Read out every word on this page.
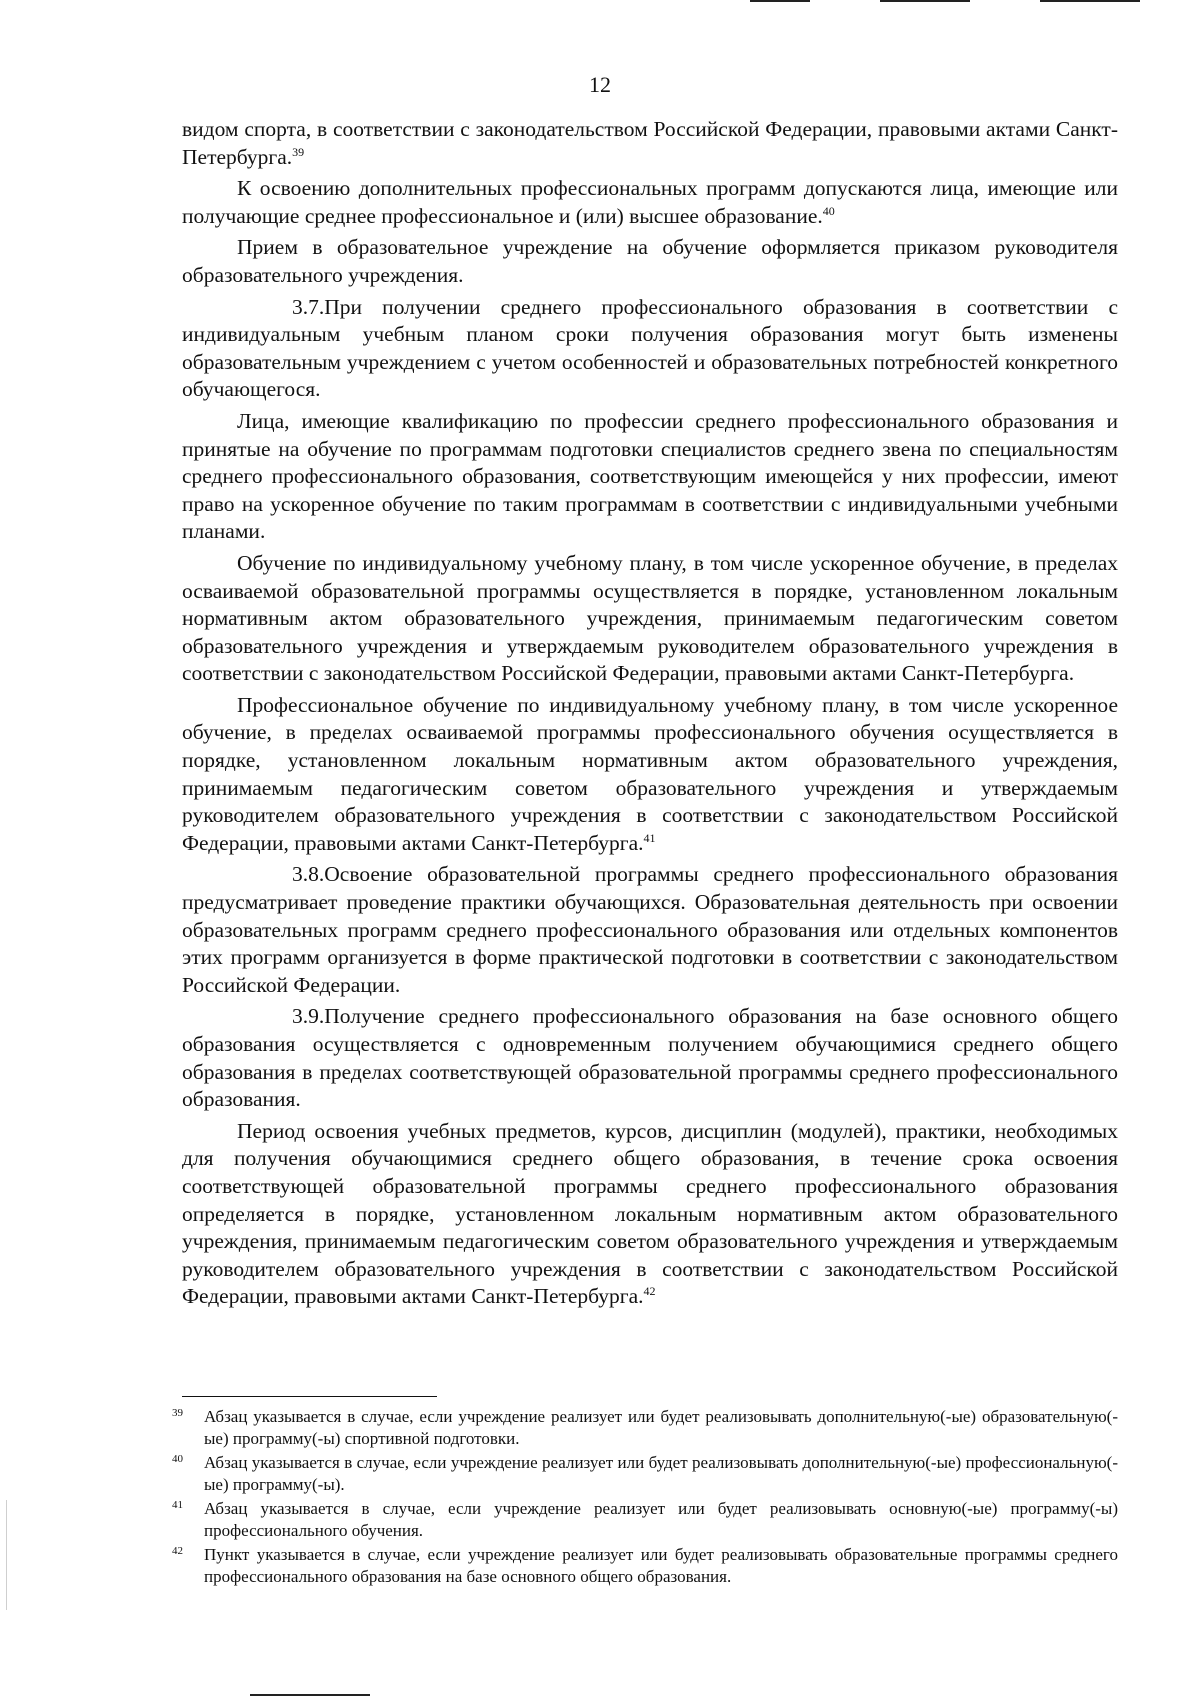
12

видом спорта, в соответствии с законодательством Российской Федерации, правовыми актами Санкт-Петербурга.$^{39}$

К освоению дополнительных профессиональных программ допускаются лица, имеющие или получающие среднее профессиональное и (или) высшее образование.$^{40}$

Прием в образовательное учреждение на обучение оформляется приказом руководителя образовательного учреждения.

3.7.При получении среднего профессионального образования в соответствии с индивидуальным учебным планом сроки получения образования могут быть изменены образовательным учреждением с учетом особенностей и образовательных потребностей конкретного обучающегося.

Лица, имеющие квалификацию по профессии среднего профессионального образования и принятые на обучение по программам подготовки специалистов среднего звена по специальностям среднего профессионального образования, соответствующим имеющейся у них профессии, имеют право на ускоренное обучение по таким программам в соответствии с индивидуальными учебными планами.

Обучение по индивидуальному учебному плану, в том числе ускоренное обучение, в пределах осваиваемой образовательной программы осуществляется в порядке, установленном локальным нормативным актом образовательного учреждения, принимаемым педагогическим советом образовательного учреждения и утверждаемым руководителем образовательного учреждения в соответствии с законодательством Российской Федерации, правовыми актами Санкт-Петербурга.

Профессиональное обучение по индивидуальному учебному плану, в том числе ускоренное обучение, в пределах осваиваемой программы профессионального обучения осуществляется в порядке, установленном локальным нормативным актом образовательного учреждения, принимаемым педагогическим советом образовательного учреждения и утверждаемым руководителем образовательного учреждения в соответствии с законодательством Российской Федерации, правовыми актами Санкт-Петербурга.$^{41}$

3.8.Освоение образовательной программы среднего профессионального образования предусматривает проведение практики обучающихся. Образовательная деятельность при освоении образовательных программ среднего профессионального образования или отдельных компонентов этих программ организуется в форме практической подготовки в соответствии с законодательством Российской Федерации.

3.9.Получение среднего профессионального образования на базе основного общего образования осуществляется с одновременным получением обучающимися среднего общего образования в пределах соответствующей образовательной программы среднего профессионального образования.

Период освоения учебных предметов, курсов, дисциплин (модулей), практики, необходимых для получения обучающимися среднего общего образования, в течение срока освоения соответствующей образовательной программы среднего профессионального образования определяется в порядке, установленном локальным нормативным актом образовательного учреждения, принимаемым педагогическим советом образовательного учреждения и утверждаемым руководителем образовательного учреждения в соответствии с законодательством Российской Федерации, правовыми актами Санкт-Петербурга.$^{42}$

39	Абзац указывается в случае, если учреждение реализует или будет реализовывать дополнительную(-ые) образовательную(-ые) программу(-ы) спортивной подготовки.
40	Абзац указывается в случае, если учреждение реализует или будет реализовывать дополнительную(-ые) профессиональную(-ые) программу(-ы).
41	Абзац указывается в случае, если учреждение реализует или будет реализовывать основную(-ые) программу(-ы) профессионального обучения.
42	Пункт указывается в случае, если учреждение реализует или будет реализовывать образовательные программы среднего профессионального образования на базе основного общего образования.
